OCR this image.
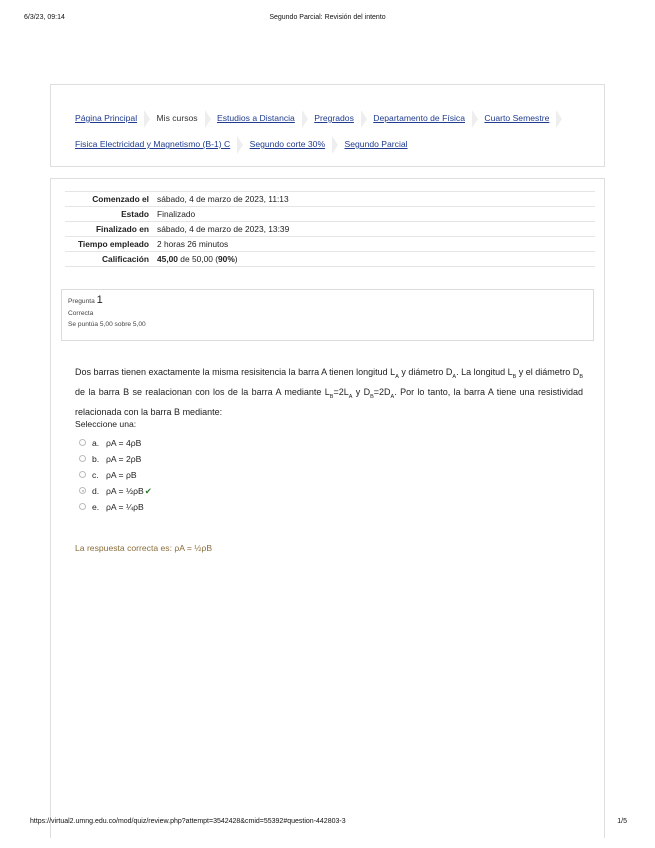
6/3/23, 09:14	Segundo Parcial: Revisión del intento
Página Principal Mis cursos Estudios a Distancia Pregrados Departamento de Física Cuarto Semestre Fisica Electricidad y Magnetismo (B-1) C Segundo corte 30% Segundo Parcial
Comenzado el	sábado, 4 de marzo de 2023, 11:13
Estado	Finalizado
Finalizado en	sábado, 4 de marzo de 2023, 13:39
Tiempo empleado	2 horas 26 minutos
Calificación	45,00 de 50,00 (90%)
Pregunta 1
Correcta
Se puntúa 5,00 sobre 5,00
Dos barras tienen exactamente la misma resisitencia la barra A tienen longitud $L_A$ y diámetro $D_A$. La longitud $L_B$ y el diámetro $D_B$ de la barra B se realacionan con los de la barra A mediante $L_B=2L_A$ y $D_B=2D_A$. Por lo tanto, la barra A tiene una resistividad relacionada con la barra B mediante:
Seleccione una:
a. ρA = 4ρB
b. ρA = 2ρB
c. ρA = ρB
d. ρA = ½ρB✔
e. ρA = ¼ρB
La respuesta correcta es: ρA = ½ρB
https://virtual2.umng.edu.co/mod/quiz/review.php?attempt=3542428&cmid=55392#question-442803-3	1/5
